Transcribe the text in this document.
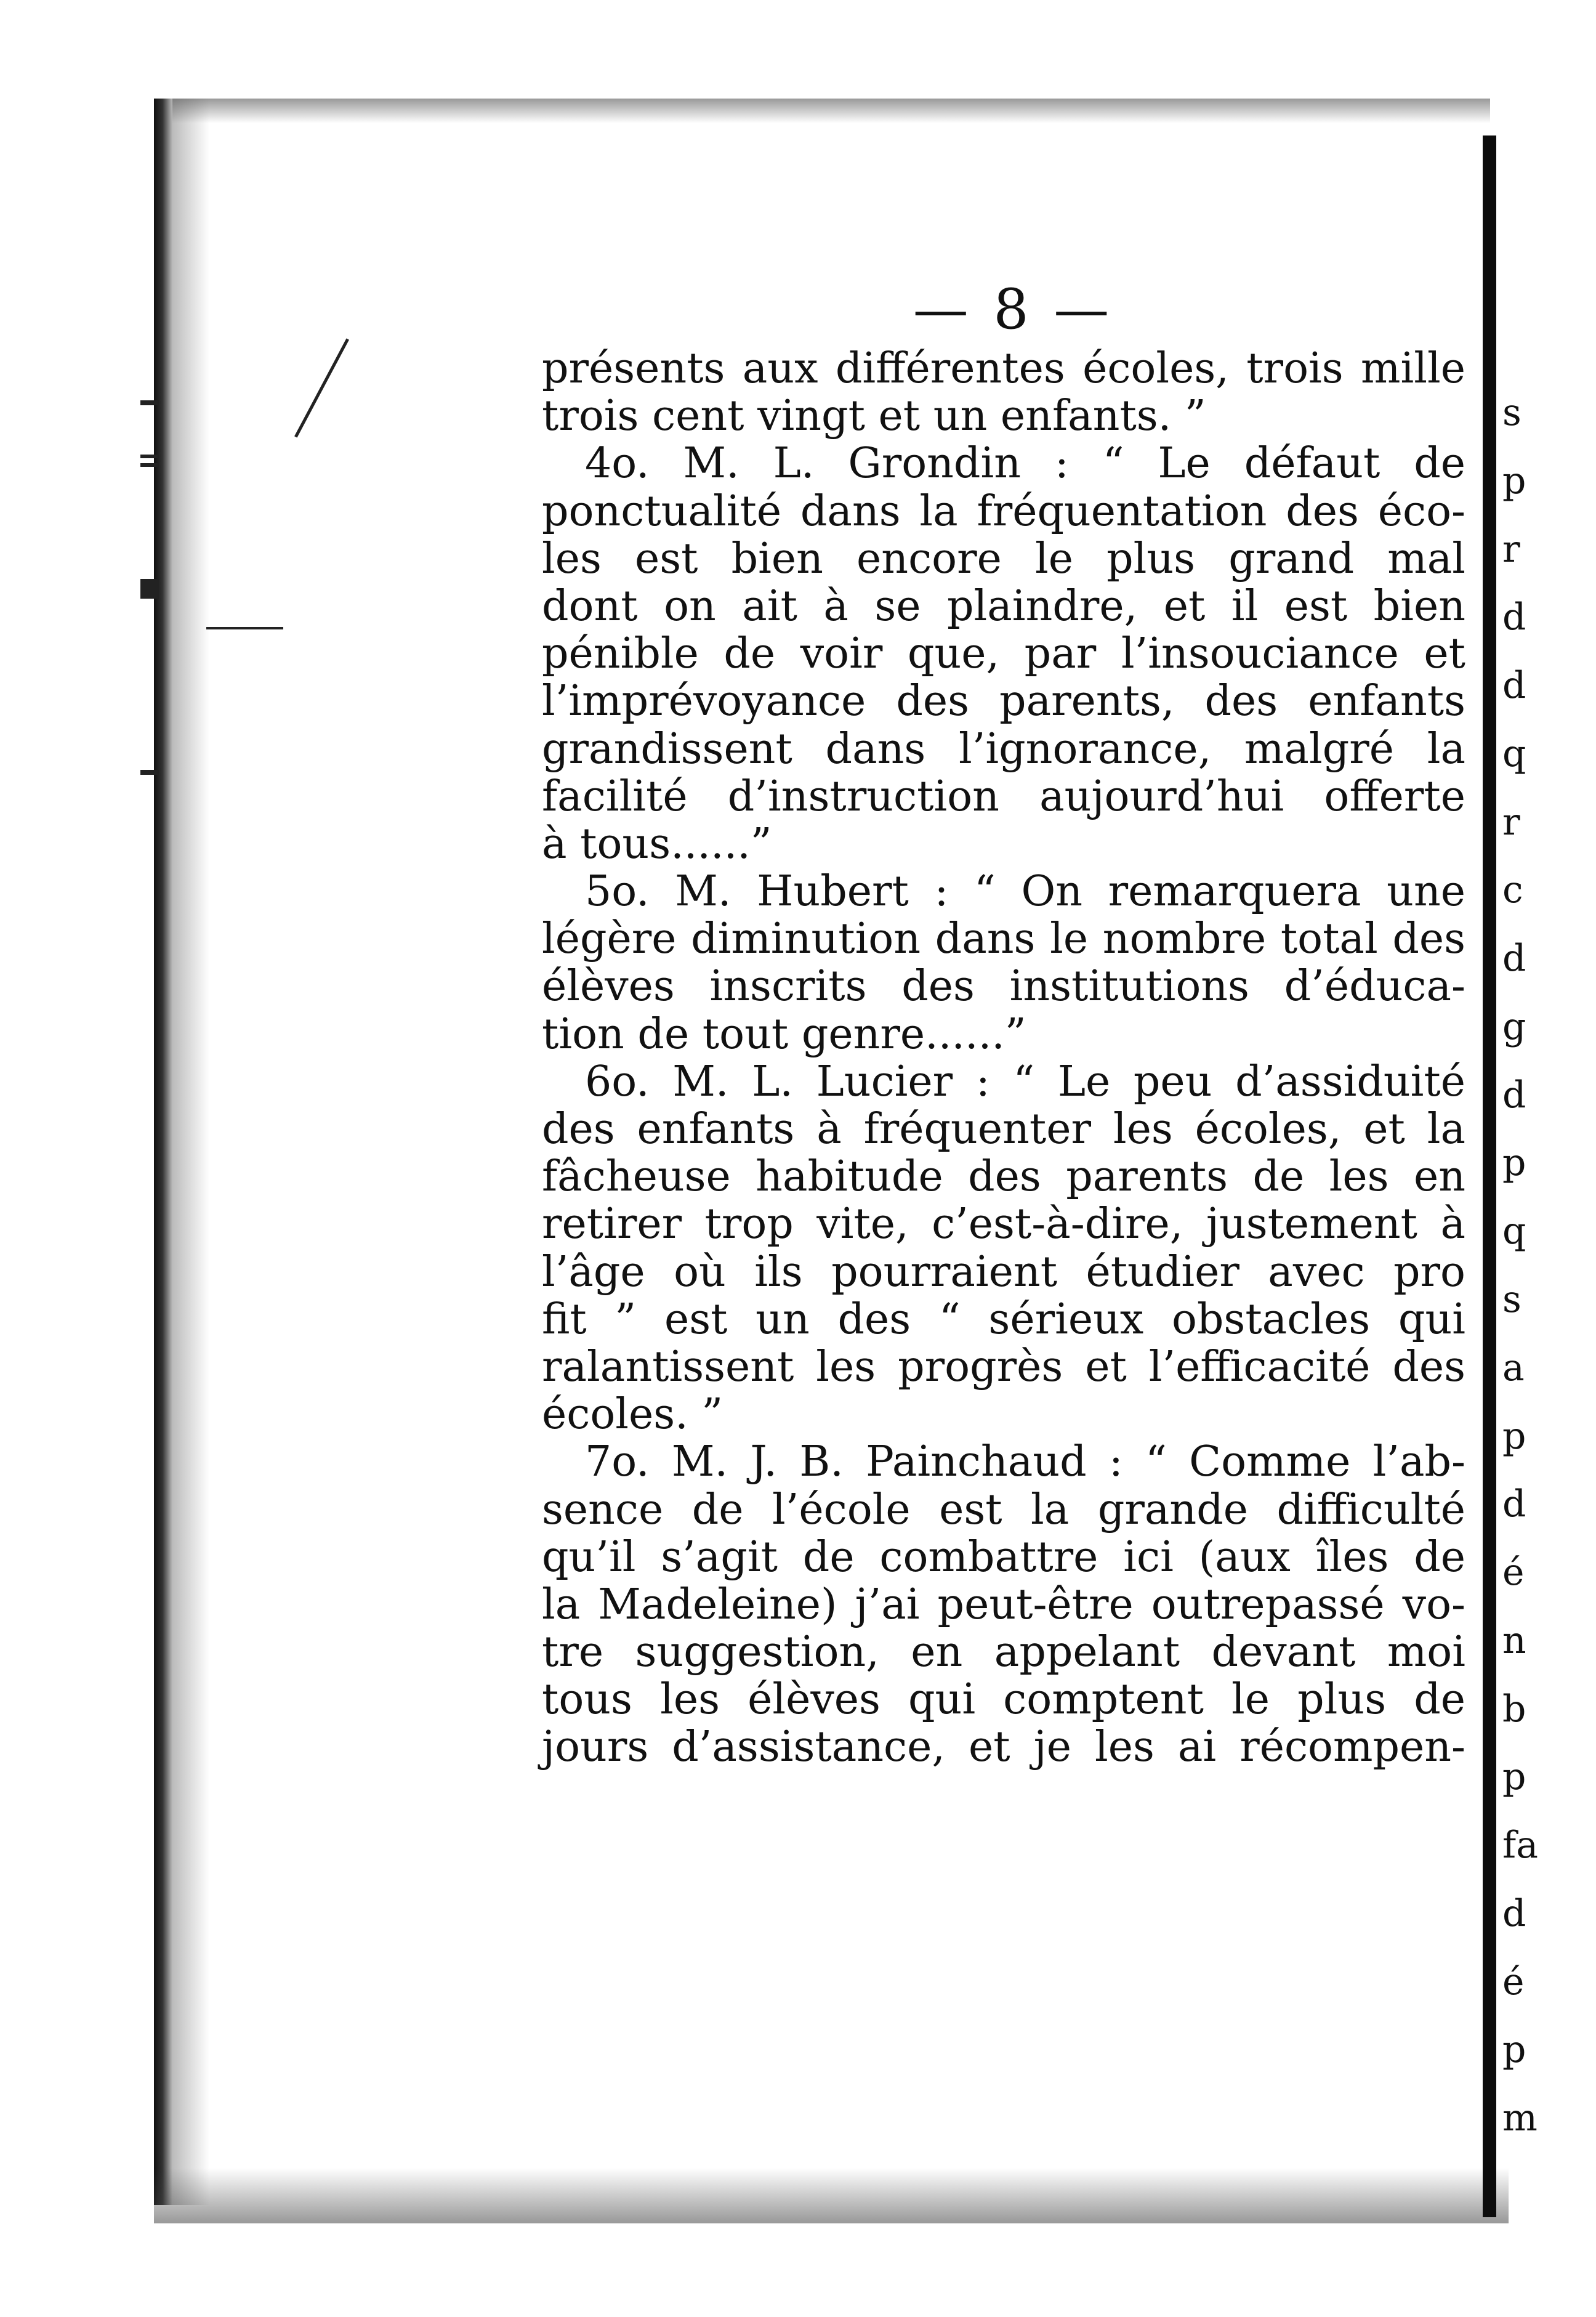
— 8 —
présents aux différentes écoles, trois mille
trois cent vingt et un enfants. ”
4o. M. L. Grondin : “ Le défaut de
ponctualité dans la fréquentation des éco-
les est bien encore le plus grand mal
dont on ait à se plaindre, et il est bien
pénible de voir que, par l’insouciance et
l’imprévoyance des parents, des enfants
grandissent dans l’ignorance, malgré la
facilité d’instruction aujourd’hui offerte
à tous......”
5o. M. Hubert : “ On remarquera une
légère diminution dans le nombre total des
élèves inscrits des institutions d’éduca-
tion de tout genre......”
6o. M. L. Lucier : “ Le peu d’assiduité
des enfants à fréquenter les écoles, et la
fâcheuse habitude des parents de les en
retirer trop vite, c’est-à-dire, justement à
l’âge où ils pourraient étudier avec pro
fit ” est un des “ sérieux obstacles qui
ralantissent les progrès et l’efficacité des
écoles. ”
7o. M. J. B. Painchaud : “ Comme l’ab-
sence de l’école est la grande difficulté
qu’il s’agit de combattre ici (aux îles de
la Madeleine) j’ai peut-être outrepassé vo-
tre suggestion, en appelant devant moi
tous les élèves qui comptent le plus de
jours d’assistance, et je les ai récompen-
s
p
r
d
d
q
r
c
d
g
d
p
q
s
a
p
d
é
n
b
p
fa
d
é
p
m
